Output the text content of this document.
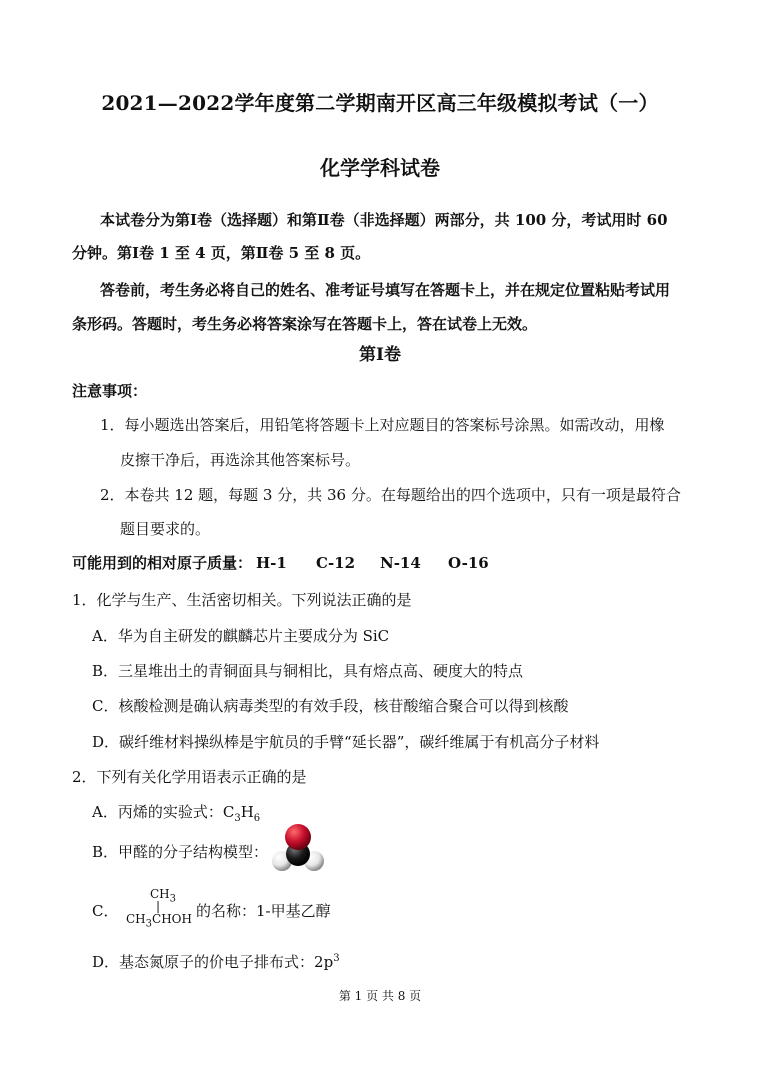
2021—2022学年度第二学期南开区高三年级模拟考试（一）
化学学科试卷
本试卷分为第Ⅰ卷（选择题）和第Ⅱ卷（非选择题）两部分，共 100 分，考试用时 60
分钟。第Ⅰ卷 1 至 4 页，第Ⅱ卷 5 至 8 页。
答卷前，考生务必将自己的姓名、准考证号填写在答题卡上，并在规定位置粘贴考试用
条形码。答题时，考生务必将答案涂写在答题卡上，答在试卷上无效。
第Ⅰ卷
注意事项：
1．每小题选出答案后，用铅笔将答题卡上对应题目的答案标号涂黑。如需改动，用橡
皮擦干净后，再选涂其他答案标号。
2．本卷共 12 题，每题 3 分，共 36 分。在每题给出的四个选项中，只有一项是最符合
题目要求的。
可能用到的相对原子质量： H-1 C-12 N-14 O-16
1．化学与生产、生活密切相关。下列说法正确的是
A．华为自主研发的麒麟芯片主要成分为 SiC
B．三星堆出土的青铜面具与铜相比，具有熔点高、硬度大的特点
C．核酸检测是确认病毒类型的有效手段，核苷酸缩合聚合可以得到核酸
D．碳纤维材料操纵棒是宇航员的手臂“延长器”，碳纤维属于有机高分子材料
2．下列有关化学用语表示正确的是
A．丙烯的实验式：$C_3H_6$
B．甲醛的分子结构模型：
C．
$CH_3$
|
$CH_3CHOH$ 的名称：1-甲基乙醇
D．基态氮原子的价电子排布式：$2p^3$
第 1 页 共 8 页
